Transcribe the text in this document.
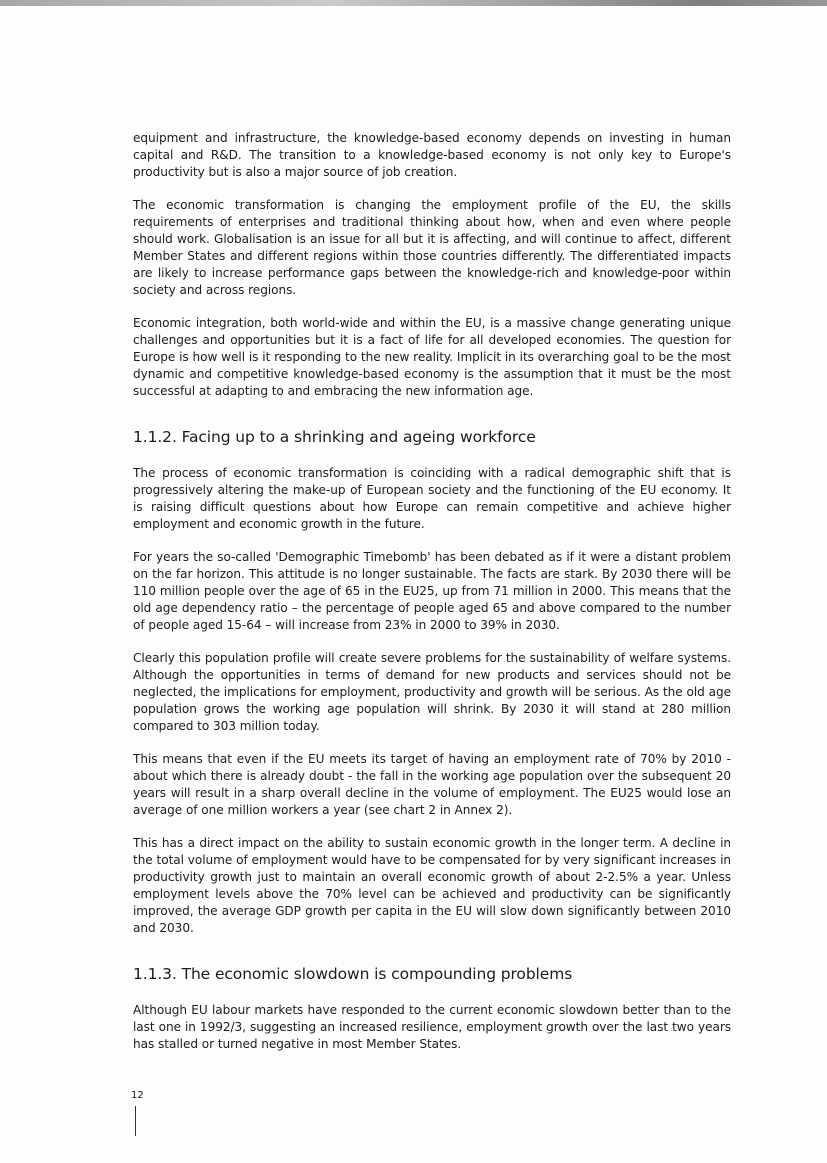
equipment and infrastructure, the knowledge-based economy depends on investing in human capital and R&D. The transition to a knowledge-based economy is not only key to Europe's productivity but is also a major source of job creation.

The economic transformation is changing the employment profile of the EU, the skills requirements of enterprises and traditional thinking about how, when and even where people should work. Globalisation is an issue for all but it is affecting, and will continue to affect, different Member States and different regions within those countries differently. The differentiated impacts are likely to increase performance gaps between the knowledge-rich and knowledge-poor within society and across regions.

Economic integration, both world-wide and within the EU, is a massive change generating unique challenges and opportunities but it is a fact of life for all developed economies. The question for Europe is how well is it responding to the new reality. Implicit in its overarching goal to be the most dynamic and competitive knowledge-based economy is the assumption that it must be the most successful at adapting to and embracing the new information age.

1.1.2. Facing up to a shrinking and ageing workforce

The process of economic transformation is coinciding with a radical demographic shift that is progressively altering the make-up of European society and the functioning of the EU economy. It is raising difficult questions about how Europe can remain competitive and achieve higher employment and economic growth in the future.

For years the so-called 'Demographic Timebomb' has been debated as if it were a distant problem on the far horizon. This attitude is no longer sustainable. The facts are stark. By 2030 there will be 110 million people over the age of 65 in the EU25, up from 71 million in 2000. This means that the old age dependency ratio – the percentage of people aged 65 and above compared to the number of people aged 15-64 – will increase from 23% in 2000 to 39% in 2030.

Clearly this population profile will create severe problems for the sustainability of welfare systems. Although the opportunities in terms of demand for new products and services should not be neglected, the implications for employment, productivity and growth will be serious. As the old age population grows the working age population will shrink. By 2030 it will stand at 280 million compared to 303 million today.

This means that even if the EU meets its target of having an employment rate of 70% by 2010 - about which there is already doubt - the fall in the working age population over the subsequent 20 years will result in a sharp overall decline in the volume of employment. The EU25 would lose an average of one million workers a year (see chart 2 in Annex 2).

This has a direct impact on the ability to sustain economic growth in the longer term. A decline in the total volume of employment would have to be compensated for by very significant increases in productivity growth just to maintain an overall economic growth of about 2-2.5% a year. Unless employment levels above the 70% level can be achieved and productivity can be significantly improved, the average GDP growth per capita in the EU will slow down significantly between 2010 and 2030.

1.1.3. The economic slowdown is compounding problems

Although EU labour markets have responded to the current economic slowdown better than to the last one in 1992/3, suggesting an increased resilience, employment growth over the last two years has stalled or turned negative in most Member States.

12
